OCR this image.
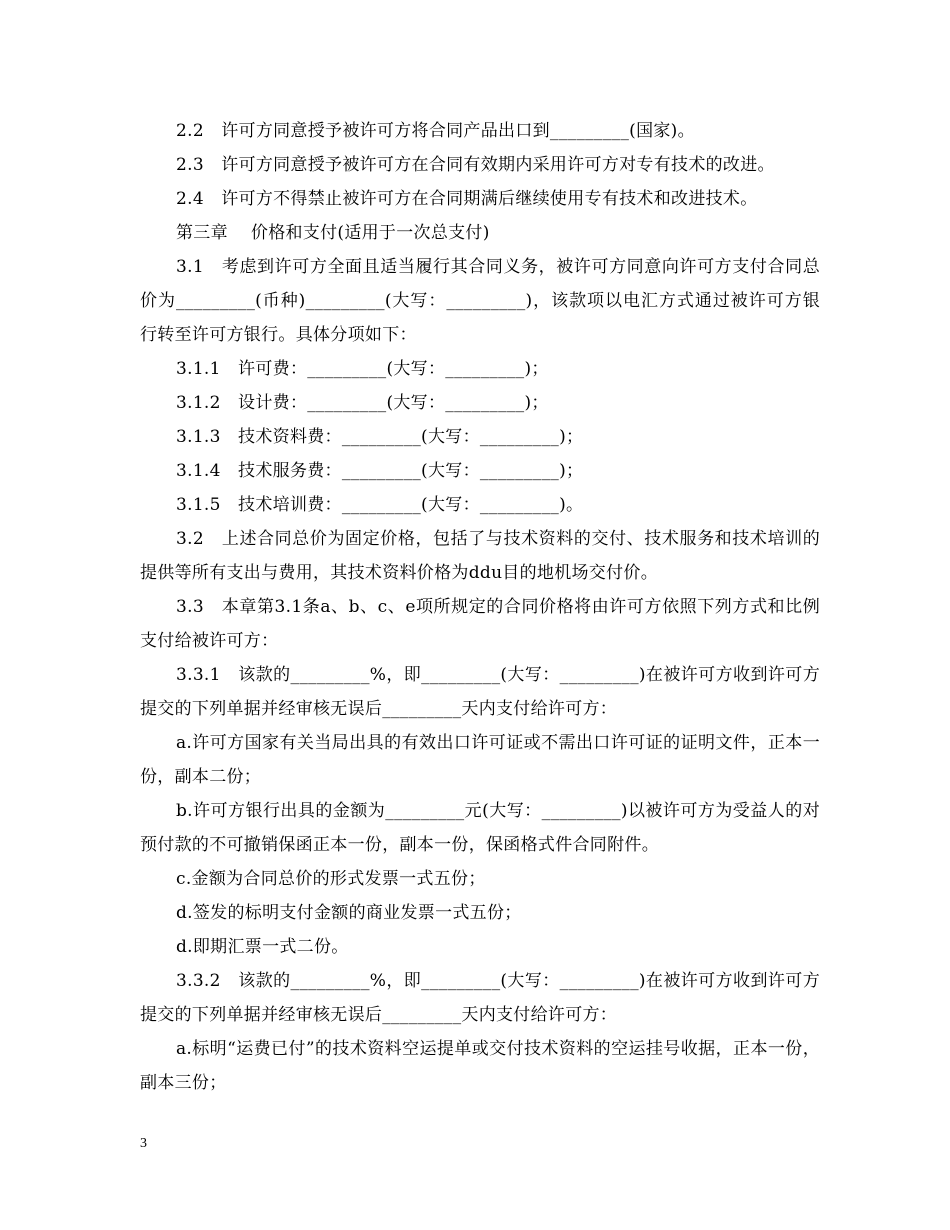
2.2　许可方同意授予被许可方将合同产品出口到_________(国家)。

2.3　许可方同意授予被许可方在合同有效期内采用许可方对专有技术的改进。

2.4　许可方不得禁止被许可方在合同期满后继续使用专有技术和改进技术。

第三章　 价格和支付(适用于一次总支付)

3.1　考虑到许可方全面且适当履行其合同义务，被许可方同意向许可方支付合同总价为_________(币种)_________(大写：_________)，该款项以电汇方式通过被许可方银行转至许可方银行。具体分项如下：

3.1.1　许可费：_________(大写：_________)；

3.1.2　设计费：_________(大写：_________)；

3.1.3　技术资料费：_________(大写：_________)；

3.1.4　技术服务费：_________(大写：_________)；

3.1.5　技术培训费：_________(大写：_________)。

3.2　上述合同总价为固定价格，包括了与技术资料的交付、技术服务和技术培训的提供等所有支出与费用，其技术资料价格为ddu目的地机场交付价。

3.3　本章第3.1条a、b、c、e项所规定的合同价格将由许可方依照下列方式和比例支付给被许可方：

3.3.1　该款的_________%，即_________(大写：_________)在被许可方收到许可方提交的下列单据并经审核无误后_________天内支付给许可方：

a.许可方国家有关当局出具的有效出口许可证或不需出口许可证的证明文件，正本一份，副本二份；

b.许可方银行出具的金额为_________元(大写：_________)以被许可方为受益人的对预付款的不可撤销保函正本一份，副本一份，保函格式件合同附件。

c.金额为合同总价的形式发票一式五份；

d.签发的标明支付金额的商业发票一式五份；

d.即期汇票一式二份。

3.3.2　该款的_________%，即_________(大写：_________)在被许可方收到许可方提交的下列单据并经审核无误后_________天内支付给许可方：

a.标明“运费已付”的技术资料空运提单或交付技术资料的空运挂号收据，正本一份，副本三份；

3
